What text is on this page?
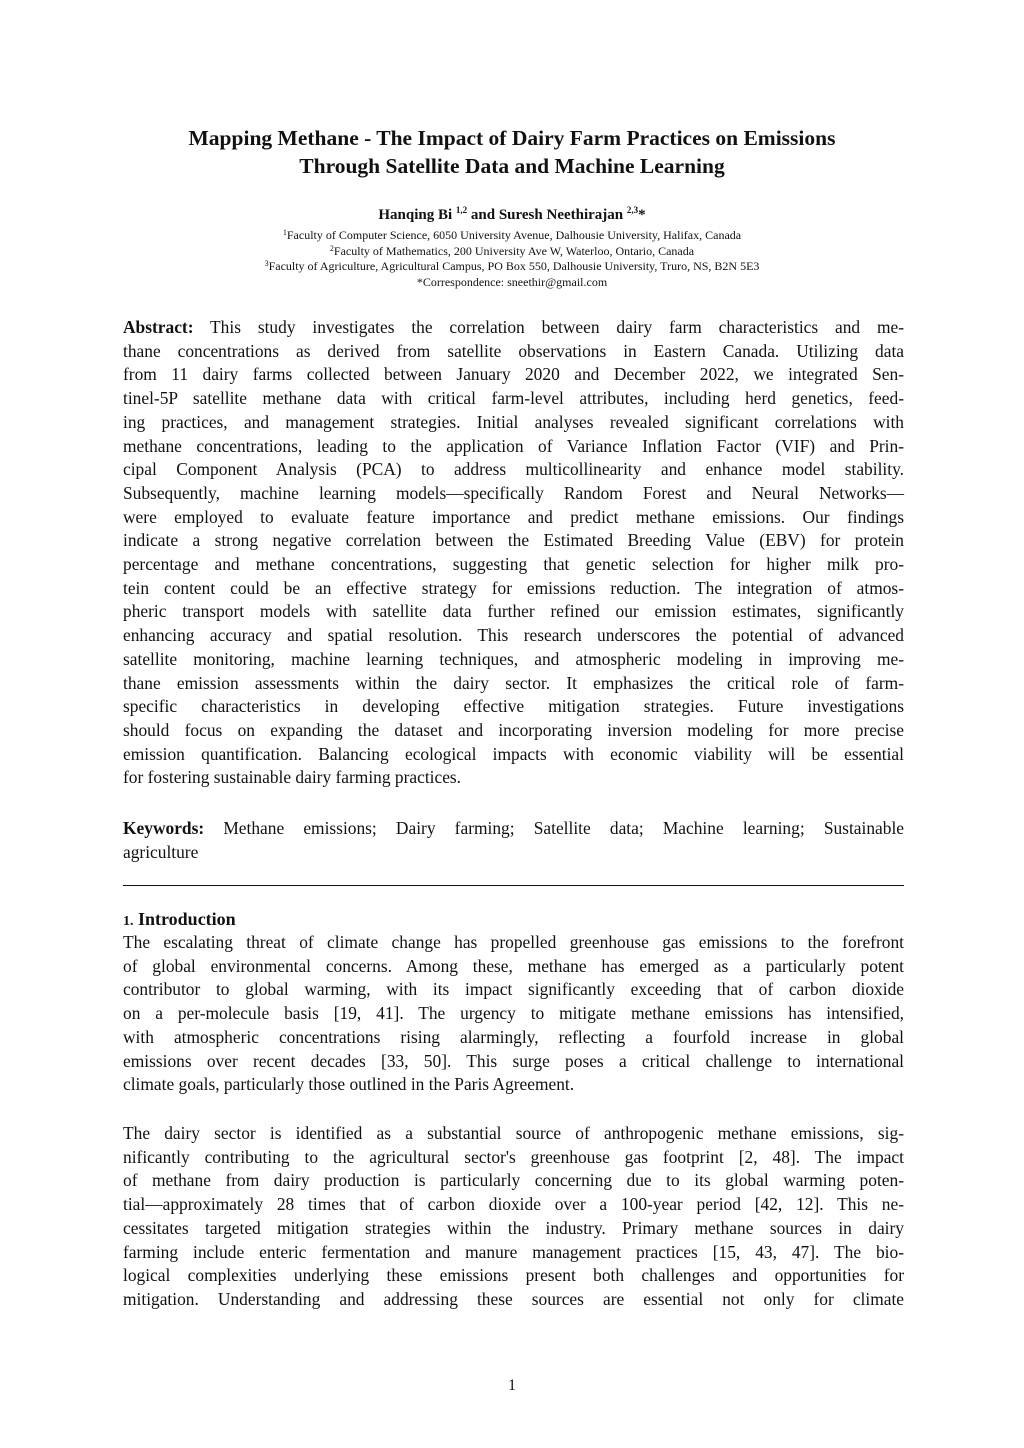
Mapping Methane - The Impact of Dairy Farm Practices on Emissions
Through Satellite Data and Machine Learning
Hanqing Bi $^{1,2}$ and Suresh Neethirajan $^{2,3}$*
$^1$Faculty of Computer Science, 6050 University Avenue, Dalhousie University, Halifax, Canada
$^2$Faculty of Mathematics, 200 University Ave W, Waterloo, Ontario, Canada
$^3$Faculty of Agriculture, Agricultural Campus, PO Box 550, Dalhousie University, Truro, NS, B2N 5E3
*Correspondence: sneethir@gmail.com
Abstract: This study investigates the correlation between dairy farm characteristics and me-
thane concentrations as derived from satellite observations in Eastern Canada. Utilizing data
from 11 dairy farms collected between January 2020 and December 2022, we integrated Sen-
tinel-5P satellite methane data with critical farm-level attributes, including herd genetics, feed-
ing practices, and management strategies. Initial analyses revealed significant correlations with
methane concentrations, leading to the application of Variance Inflation Factor (VIF) and Prin-
cipal Component Analysis (PCA) to address multicollinearity and enhance model stability.
Subsequently, machine learning models—specifically Random Forest and Neural Networks—
were employed to evaluate feature importance and predict methane emissions. Our findings
indicate a strong negative correlation between the Estimated Breeding Value (EBV) for protein
percentage and methane concentrations, suggesting that genetic selection for higher milk pro-
tein content could be an effective strategy for emissions reduction. The integration of atmos-
pheric transport models with satellite data further refined our emission estimates, significantly
enhancing accuracy and spatial resolution. This research underscores the potential of advanced
satellite monitoring, machine learning techniques, and atmospheric modeling in improving me-
thane emission assessments within the dairy sector. It emphasizes the critical role of farm-
specific characteristics in developing effective mitigation strategies. Future investigations
should focus on expanding the dataset and incorporating inversion modeling for more precise
emission quantification. Balancing ecological impacts with economic viability will be essential
for fostering sustainable dairy farming practices.
Keywords: Methane emissions; Dairy farming; Satellite data; Machine learning; Sustainable
agriculture
1. Introduction
The escalating threat of climate change has propelled greenhouse gas emissions to the forefront
of global environmental concerns. Among these, methane has emerged as a particularly potent
contributor to global warming, with its impact significantly exceeding that of carbon dioxide
on a per-molecule basis [19, 41]. The urgency to mitigate methane emissions has intensified,
with atmospheric concentrations rising alarmingly, reflecting a fourfold increase in global
emissions over recent decades [33, 50]. This surge poses a critical challenge to international
climate goals, particularly those outlined in the Paris Agreement.
The dairy sector is identified as a substantial source of anthropogenic methane emissions, sig-
nificantly contributing to the agricultural sector's greenhouse gas footprint [2, 48]. The impact
of methane from dairy production is particularly concerning due to its global warming poten-
tial—approximately 28 times that of carbon dioxide over a 100-year period [42, 12]. This ne-
cessitates targeted mitigation strategies within the industry. Primary methane sources in dairy
farming include enteric fermentation and manure management practices [15, 43, 47]. The bio-
logical complexities underlying these emissions present both challenges and opportunities for
mitigation. Understanding and addressing these sources are essential not only for climate
1
